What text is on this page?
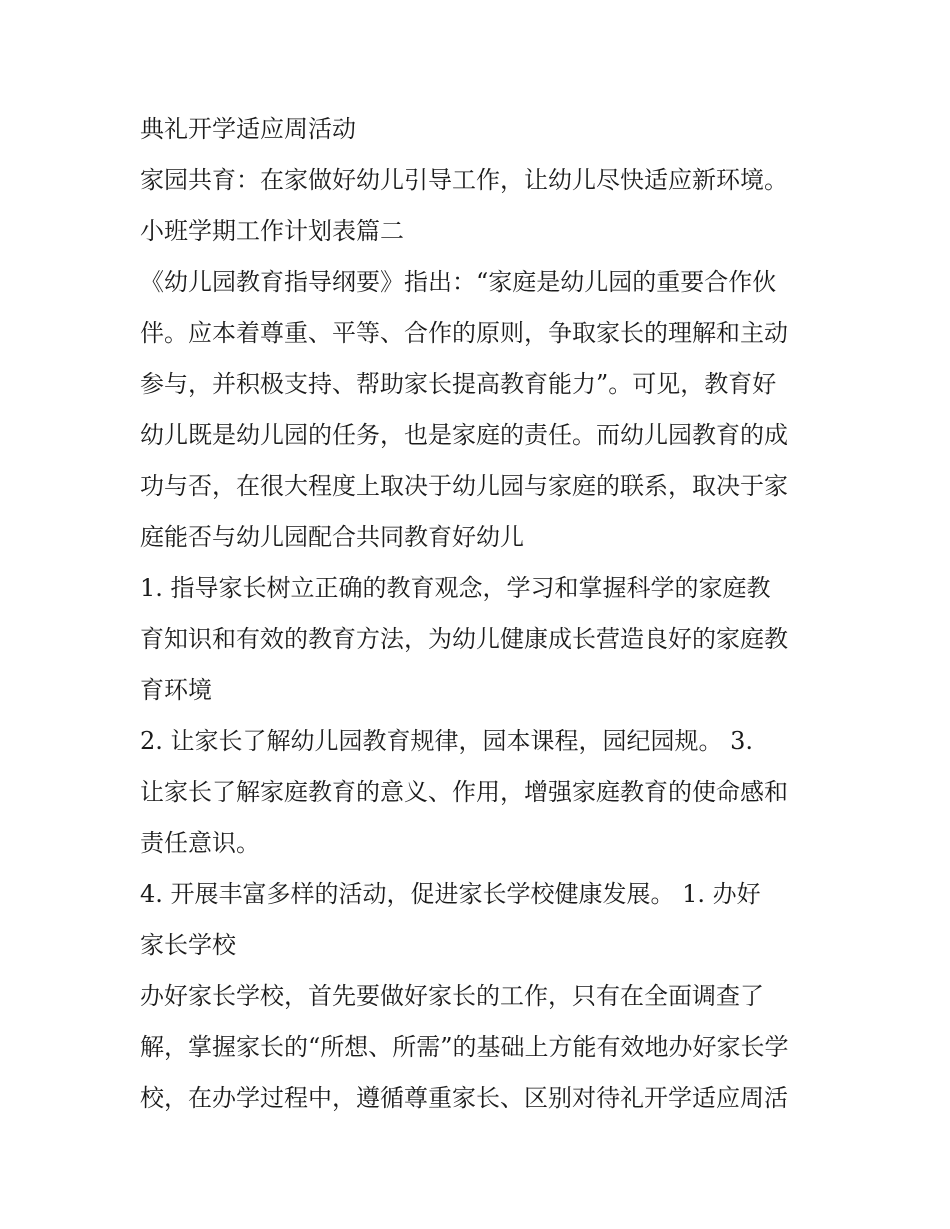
典礼开学适应周活动
家园共育：在家做好幼儿引导工作，让幼儿尽快适应新环境。
小班学期工作计划表篇二
《幼儿园教育指导纲要》指出：“家庭是幼儿园的重要合作伙
伴。应本着尊重、平等、合作的原则，争取家长的理解和主动
参与，并积极支持、帮助家长提高教育能力”。可见，教育好
幼儿既是幼儿园的任务，也是家庭的责任。而幼儿园教育的成
功与否，在很大程度上取决于幼儿园与家庭的联系，取决于家
庭能否与幼儿园配合共同教育好幼儿
1. 指导家长树立正确的教育观念，学习和掌握科学的家庭教
育知识和有效的教育方法，为幼儿健康成长营造良好的家庭教
育环境
2. 让家长了解幼儿园教育规律，园本课程，园纪园规。 3.
让家长了解家庭教育的意义、作用，增强家庭教育的使命感和
责任意识。
4. 开展丰富多样的活动，促进家长学校健康发展。 1. 办好
家长学校
办好家长学校，首先要做好家长的工作，只有在全面调查了
解，掌握家长的“所想、所需”的基础上方能有效地办好家长学
校，在办学过程中，遵循尊重家长、区别对待礼开学适应周活
